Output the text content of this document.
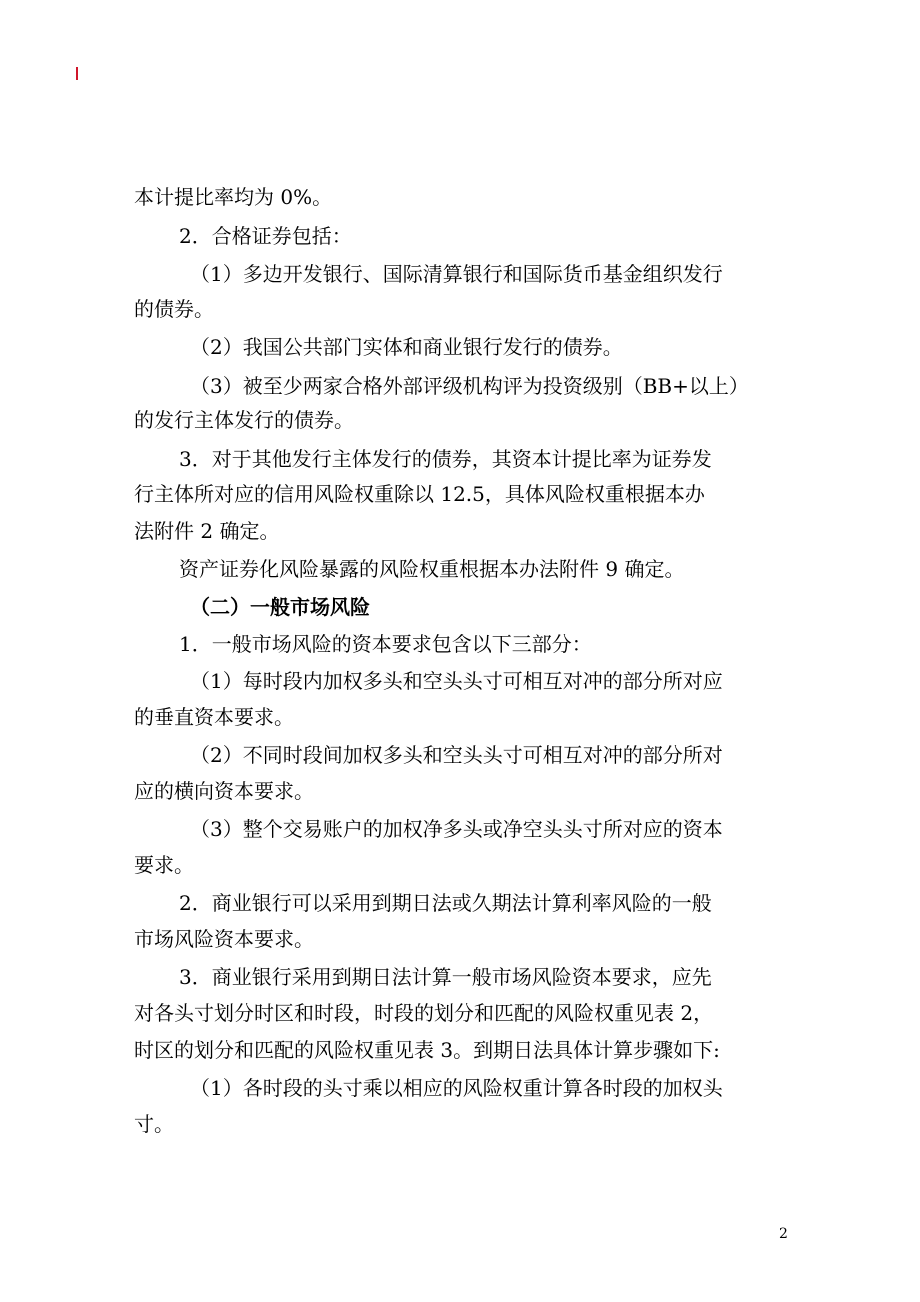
本计提比率均为 0%。
2．合格证券包括：
（1）多边开发银行、国际清算银行和国际货币基金组织发行
的债券。
（2）我国公共部门实体和商业银行发行的债券。
（3）被至少两家合格外部评级机构评为投资级别（BB+以上）
的发行主体发行的债券。
3．对于其他发行主体发行的债券，其资本计提比率为证券发
行主体所对应的信用风险权重除以 12.5，具体风险权重根据本办
法附件 2 确定。
资产证券化风险暴露的风险权重根据本办法附件 9 确定。
（二）一般市场风险
1．一般市场风险的资本要求包含以下三部分：
（1）每时段内加权多头和空头头寸可相互对冲的部分所对应
的垂直资本要求。
（2）不同时段间加权多头和空头头寸可相互对冲的部分所对
应的横向资本要求。
（3）整个交易账户的加权净多头或净空头头寸所对应的资本
要求。
2．商业银行可以采用到期日法或久期法计算利率风险的一般
市场风险资本要求。
3．商业银行采用到期日法计算一般市场风险资本要求，应先
对各头寸划分时区和时段，时段的划分和匹配的风险权重见表 2，
时区的划分和匹配的风险权重见表 3。到期日法具体计算步骤如下:
（1）各时段的头寸乘以相应的风险权重计算各时段的加权头
寸。
2
